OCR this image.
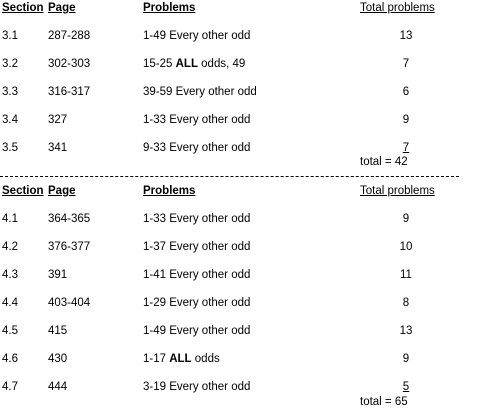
Section Page	Problems	Total problems
3.1	287-288	1-49 Every other odd	13
3.2	302-303	15-25 ALL odds, 49	7
3.3	316-317	39-59 Every other odd	6
3.4	327	1-33 Every other odd	9
3.5	341	9-33 Every other odd	7
total = 42
Section Page	Problems	Total problems
4.1	364-365	1-33 Every other odd	9
4.2	376-377	1-37 Every other odd	10
4.3	391	1-41 Every other odd	11
4.4	403-404	1-29 Every other odd	8
4.5	415	1-49 Every other odd	13
4.6	430	1-17 ALL odds	9
4.7	444	3-19 Every other odd	5
total = 65
